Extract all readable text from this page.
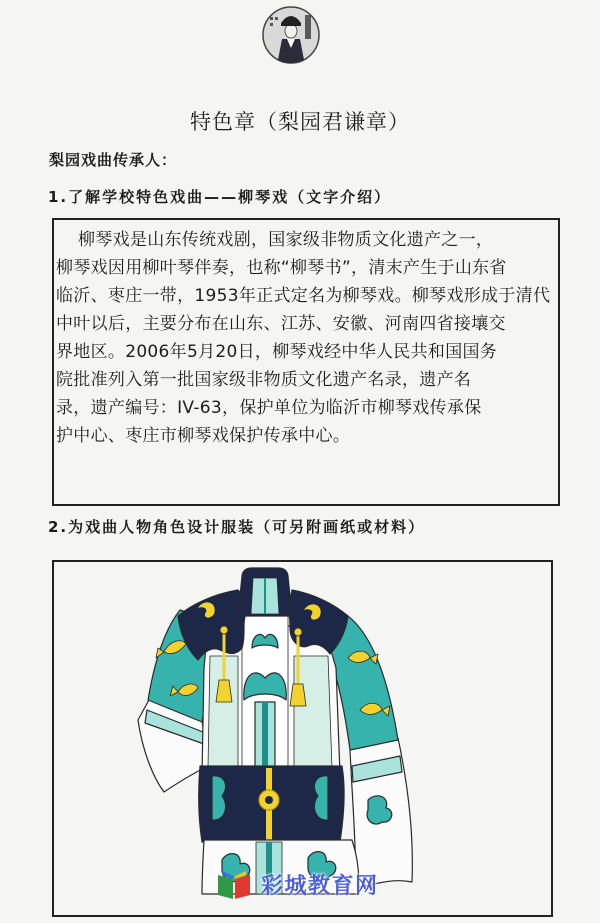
特色章（梨园君谦章）
梨园戏曲传承人：
1.了解学校特色戏曲——柳琴戏（文字介绍）
柳琴戏是山东传统戏剧，国家级非物质文化遗产之一，
柳琴戏因用柳叶琴伴奏，也称“柳琴书”，清末产生于山东省
临沂、枣庄一带，1953年正式定名为柳琴戏。柳琴戏形成于清代
中叶以后，主要分布在山东、江苏、安徽、河南四省接壤交
界地区。2006年5月20日，柳琴戏经中华人民共和国国务
院批准列入第一批国家级非物质文化遗产名录，遗产名
录，遗产编号：IV-63，保护单位为临沂市柳琴戏传承保
护中心、枣庄市柳琴戏保护传承中心。
2.为戏曲人物角色设计服装（可另附画纸或材料）
彩城教育网
